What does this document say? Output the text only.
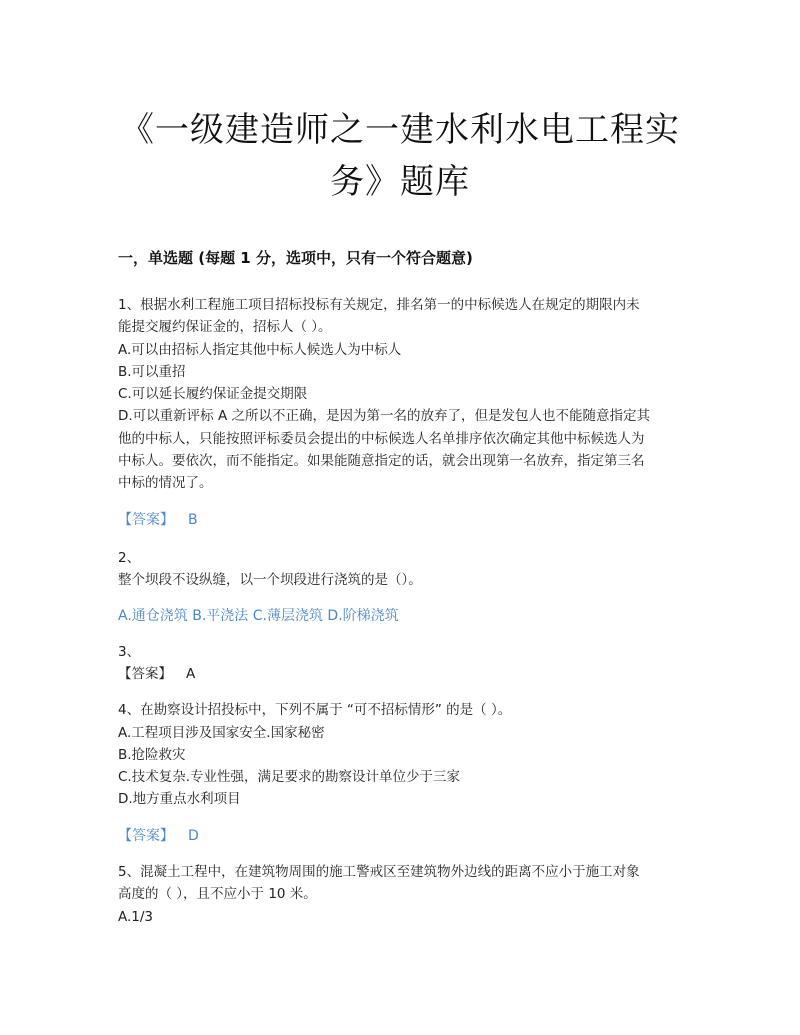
《一级建造师之一建水利水电工程实
务》题库
一，单选题 (每题 1 分，选项中，只有一个符合题意)
1、根据水利工程施工项目招标投标有关规定，排名第一的中标候选人在规定的期限内未
能提交履约保证金的，招标人（ ）。
A.可以由招标人指定其他中标人候选人为中标人
B.可以重招
C.可以延长履约保证金提交期限
D.可以重新评标 A 之所以不正确，是因为第一名的放弃了，但是发包人也不能随意指定其
他的中标人，只能按照评标委员会提出的中标候选人名单排序依次确定其他中标候选人为
中标人。要依次，而不能指定。如果能随意指定的话，就会出现第一名放弃，指定第三名
中标的情况了。
【答案】 B
2、
整个坝段不设纵缝，以一个坝段进行浇筑的是（）。
A.通仓浇筑 B.平浇法 C.薄层浇筑 D.阶梯浇筑
3、
【答案】 A
4、在勘察设计招投标中，下列不属于 “可不招标情形” 的是（ ）。
A.工程项目涉及国家安全.国家秘密
B.抢险救灾
C.技术复杂.专业性强，满足要求的勘察设计单位少于三家
D.地方重点水利项目
【答案】 D
5、混凝土工程中，在建筑物周围的施工警戒区至建筑物外边线的距离不应小于施工对象
高度的（ ），且不应小于 10 米。
A.1/3
